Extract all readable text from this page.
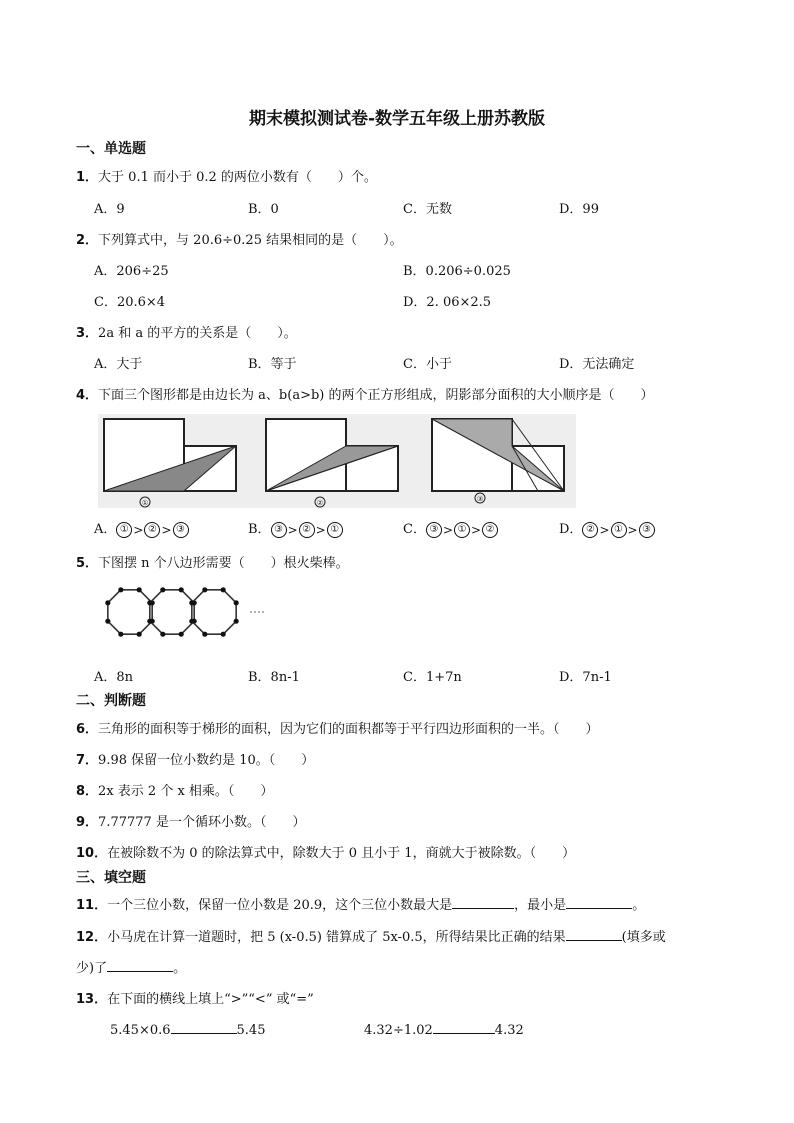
期末模拟测试卷-数学五年级上册苏教版
一、单选题
1．大于 0.1 而小于 0.2 的两位小数有（　　）个。
A．9	B．0	C．无数	D．99
2．下列算式中，与 20.6÷0.25 结果相同的是（　　）。
A．206÷25	B．0.206÷0.025
C．20.6×4	D．2. 06×2.5
3．2a 和 a 的平方的关系是（　　）。
A．大于	B．等于	C．小于	D．无法确定
4．下面三个图形都是由边长为 a、b(a>b) 的两个正方形组成，阴影部分面积的大小顺序是（　　）
①	②	③
A． ① > ② > ③	B． ③ > ② > ①	C． ③ > ① > ②	D． ② > ① > ③
5．下图摆 n 个八边形需要（　　）根火柴棒。
A．8n	B．8n-1	C．1+7n	D．7n-1
二、判断题
6．三角形的面积等于梯形的面积，因为它们的面积都等于平行四边形面积的一半。（　　）
7．9.98 保留一位小数约是 10。（　　）
8．2x 表示 2 个 x 相乘。（　　）
9．7.77777 是一个循环小数。（　　）
10．在被除数不为 0 的除法算式中，除数大于 0 且小于 1，商就大于被除数。（　　）
三、填空题
11．一个三位小数，保留一位小数是 20.9，这个三位小数最大是	，最小是	。
12．小马虎在计算一道题时，把 5 (x-0.5) 错算成了 5x-0.5，所得结果比正确的结果	(填多或
少)了	。
13．在下面的横线上填上“>”“<” 或“=”
5.45×0.6	5.45	4.32÷1.02	4.32
